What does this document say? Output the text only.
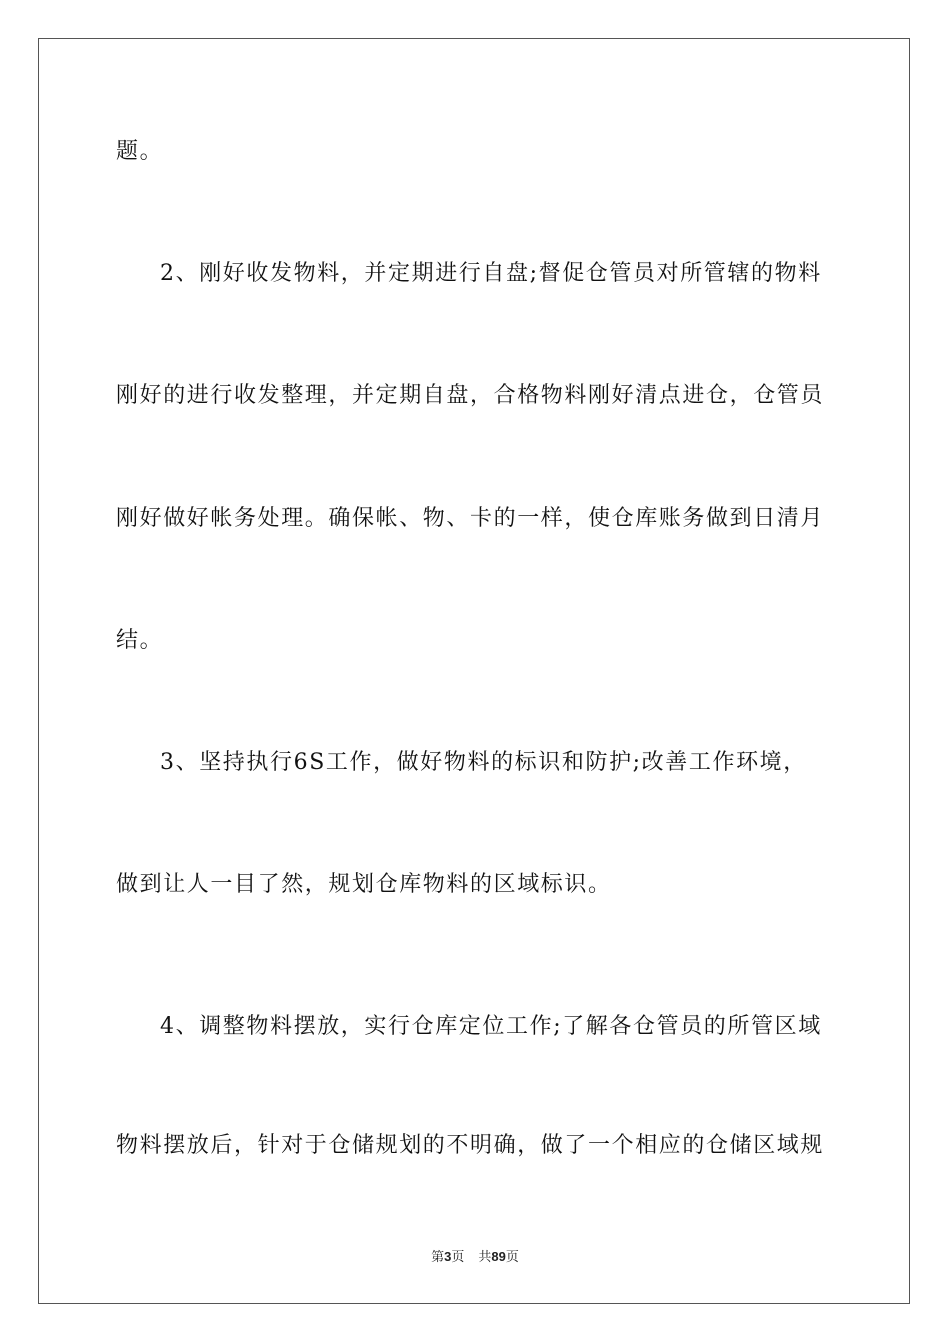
题。
2、刚好收发物料，并定期进行自盘;督促仓管员对所管辖的物料
刚好的进行收发整理，并定期自盘，合格物料刚好清点进仓，仓管员
刚好做好帐务处理。确保帐、物、卡的一样，使仓库账务做到日清月
结。
3、坚持执行6S工作，做好物料的标识和防护;改善工作环境，
做到让人一目了然，规划仓库物料的区域标识。
4、调整物料摆放，实行仓库定位工作;了解各仓管员的所管区域
物料摆放后，针对于仓储规划的不明确，做了一个相应的仓储区域规
第3页 共89页
